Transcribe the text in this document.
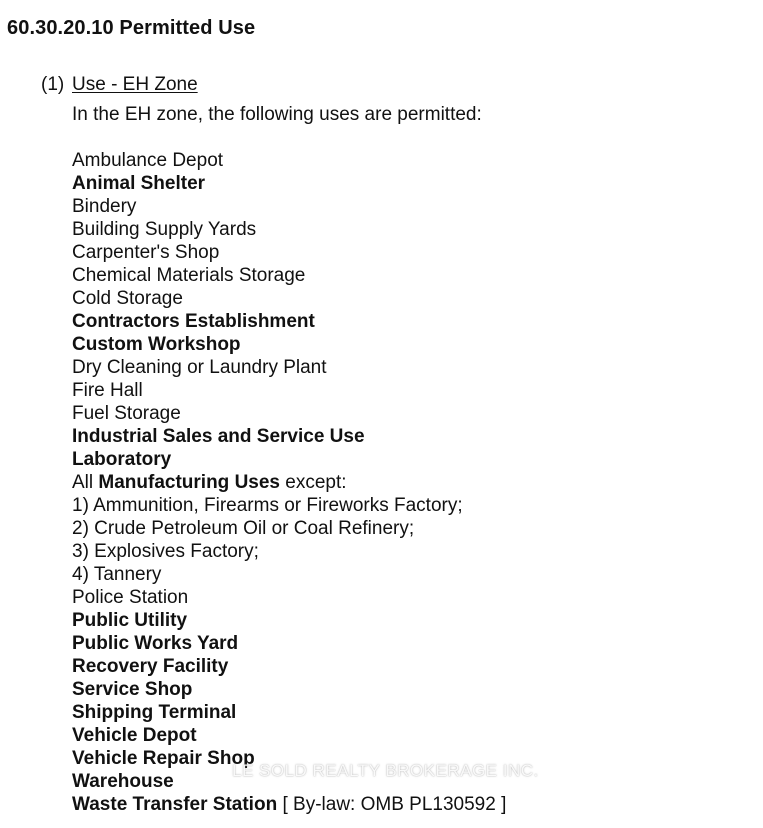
60.30.20.10 Permitted Use
(1) Use - EH Zone
In the EH zone, the following uses are permitted:
Ambulance Depot
Animal Shelter
Bindery
Building Supply Yards
Carpenter's Shop
Chemical Materials Storage
Cold Storage
Contractors Establishment
Custom Workshop
Dry Cleaning or Laundry Plant
Fire Hall
Fuel Storage
Industrial Sales and Service Use
Laboratory
All Manufacturing Uses except:
1) Ammunition, Firearms or Fireworks Factory;
2) Crude Petroleum Oil or Coal Refinery;
3) Explosives Factory;
4) Tannery
Police Station
Public Utility
Public Works Yard
Recovery Facility
Service Shop
Shipping Terminal
Vehicle Depot
Vehicle Repair Shop
Warehouse
Waste Transfer Station [ By-law: OMB PL130592 ]
LE SOLD REALTY BROKERAGE INC.
